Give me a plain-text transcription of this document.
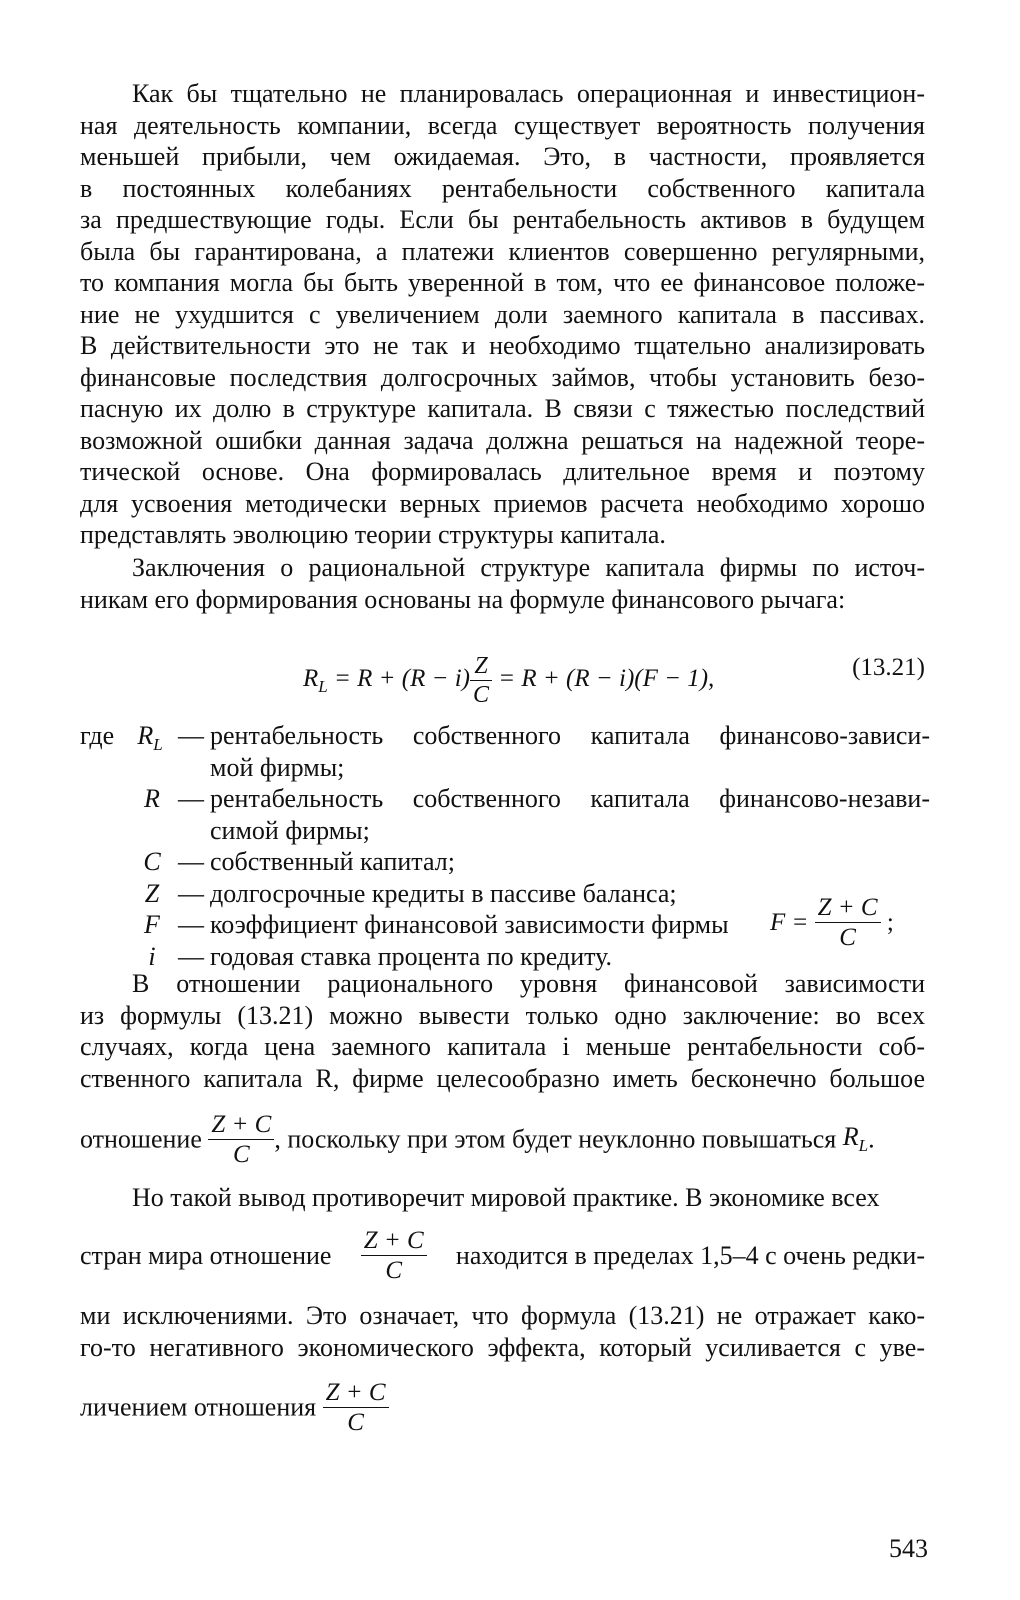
Как бы тщательно не планировалась операционная и инвестицион-
ная деятельность компании, всегда существует вероятность получения
меньшей прибыли, чем ожидаемая. Это, в частности, проявляется
в постоянных колебаниях рентабельности собственного капитала
за предшествующие годы. Если бы рентабельность активов в будущем
была бы гарантирована, а платежи клиентов совершенно регулярными,
то компания могла бы быть уверенной в том, что ее финансовое положе-
ние не ухудшится с увеличением доли заемного капитала в пассивах.
В действительности это не так и необходимо тщательно анализировать
финансовые последствия долгосрочных займов, чтобы установить безо-
пасную их долю в структуре капитала. В связи с тяжестью последствий
возможной ошибки данная задача должна решаться на надежной теоре-
тической основе. Она формировалась длительное время и поэтому
для усвоения методически верных приемов расчета необходимо хорошо
представлять эволюцию теории структуры капитала.
Заключения о рациональной структуре капитала фирмы по источ-
никам его формирования основаны на формуле финансового рычага:
$R_L = R + (R - i) \frac{Z}{C} = R + (R - i)(F - 1)$,	(13.21)
где $R_L$ — рентабельность собственного капитала финансово-зависи-
мой фирмы;
R — рентабельность собственного капитала финансово-незави-
симой фирмы;
C — собственный капитал;
Z — долгосрочные кредиты в пассиве баланса;
F — коэффициент финансовой зависимости фирмы $F = \frac{Z + C}{C}$ ;
i — годовая ставка процента по кредиту.
В отношении рационального уровня финансовой зависимости
из формулы (13.21) можно вывести только одно заключение: во всех
случаях, когда цена заемного капитала i меньше рентабельности соб-
ственного капитала R, фирме целесообразно иметь бесконечно большое
отношение $\frac{Z + C}{C}$ , поскольку при этом будет неуклонно повышаться $R_L$.
Но такой вывод противоречит мировой практике. В экономике всех
стран мира отношение $\frac{Z + C}{C}$ находится в пределах 1,5–4 с очень редки-
ми исключениями. Это означает, что формула (13.21) не отражает како-
го-то негативного экономического эффекта, который усиливается с уве-
личением отношения $\frac{Z + C}{C}$
543
